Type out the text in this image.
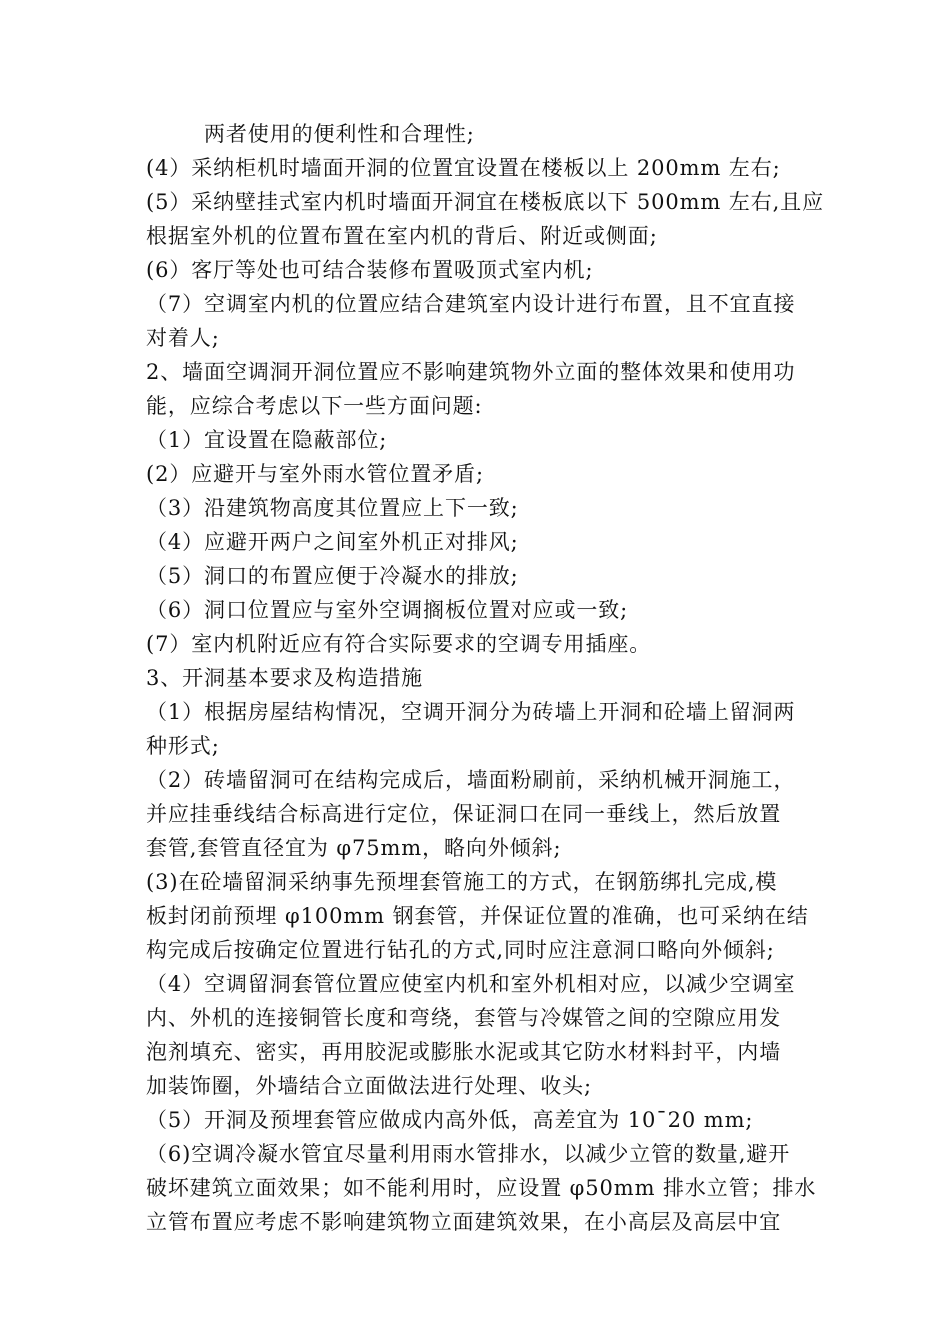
两者使用的便利性和合理性;
(4）采纳柜机时墙面开洞的位置宜设置在楼板以上 200mm 左右;
(5）采纳壁挂式室内机时墙面开洞宜在楼板底以下 500mm 左右,且应
根据室外机的位置布置在室内机的背后、附近或侧面;
(6）客厅等处也可结合装修布置吸顶式室内机;
（7）空调室内机的位置应结合建筑室内设计进行布置，且不宜直接
对着人;
2、墙面空调洞开洞位置应不影响建筑物外立面的整体效果和使用功
能，应综合考虑以下一些方面问题:
（1）宜设置在隐蔽部位;
(2）应避开与室外雨水管位置矛盾;
（3）沿建筑物高度其位置应上下一致;
（4）应避开两户之间室外机正对排风;
（5）洞口的布置应便于冷凝水的排放;
（6）洞口位置应与室外空调搁板位置对应或一致;
(7）室内机附近应有符合实际要求的空调专用插座。
3、开洞基本要求及构造措施
（1）根据房屋结构情况，空调开洞分为砖墙上开洞和砼墙上留洞两
种形式;
（2）砖墙留洞可在结构完成后，墙面粉刷前，采纳机械开洞施工，
并应挂垂线结合标高进行定位，保证洞口在同一垂线上，然后放置
套管,套管直径宜为 φ75mm，略向外倾斜;
(3)在砼墙留洞采纳事先预埋套管施工的方式，在钢筋绑扎完成,模
板封闭前预埋 φ100mm 钢套管，并保证位置的准确，也可采纳在结
构完成后按确定位置进行钻孔的方式,同时应注意洞口略向外倾斜;
（4）空调留洞套管位置应使室内机和室外机相对应，以减少空调室
内、外机的连接铜管长度和弯绕，套管与冷媒管之间的空隙应用发
泡剂填充、密实，再用胶泥或膨胀水泥或其它防水材料封平，内墙
加装饰圈，外墙结合立面做法进行处理、收头;
（5）开洞及预埋套管应做成内高外低，高差宜为 10¯20 mm;
（6)空调冷凝水管宜尽量利用雨水管排水，以减少立管的数量,避开
破坏建筑立面效果；如不能利用时，应设置 φ50mm 排水立管；排水
立管布置应考虑不影响建筑物立面建筑效果，在小高层及高层中宜
